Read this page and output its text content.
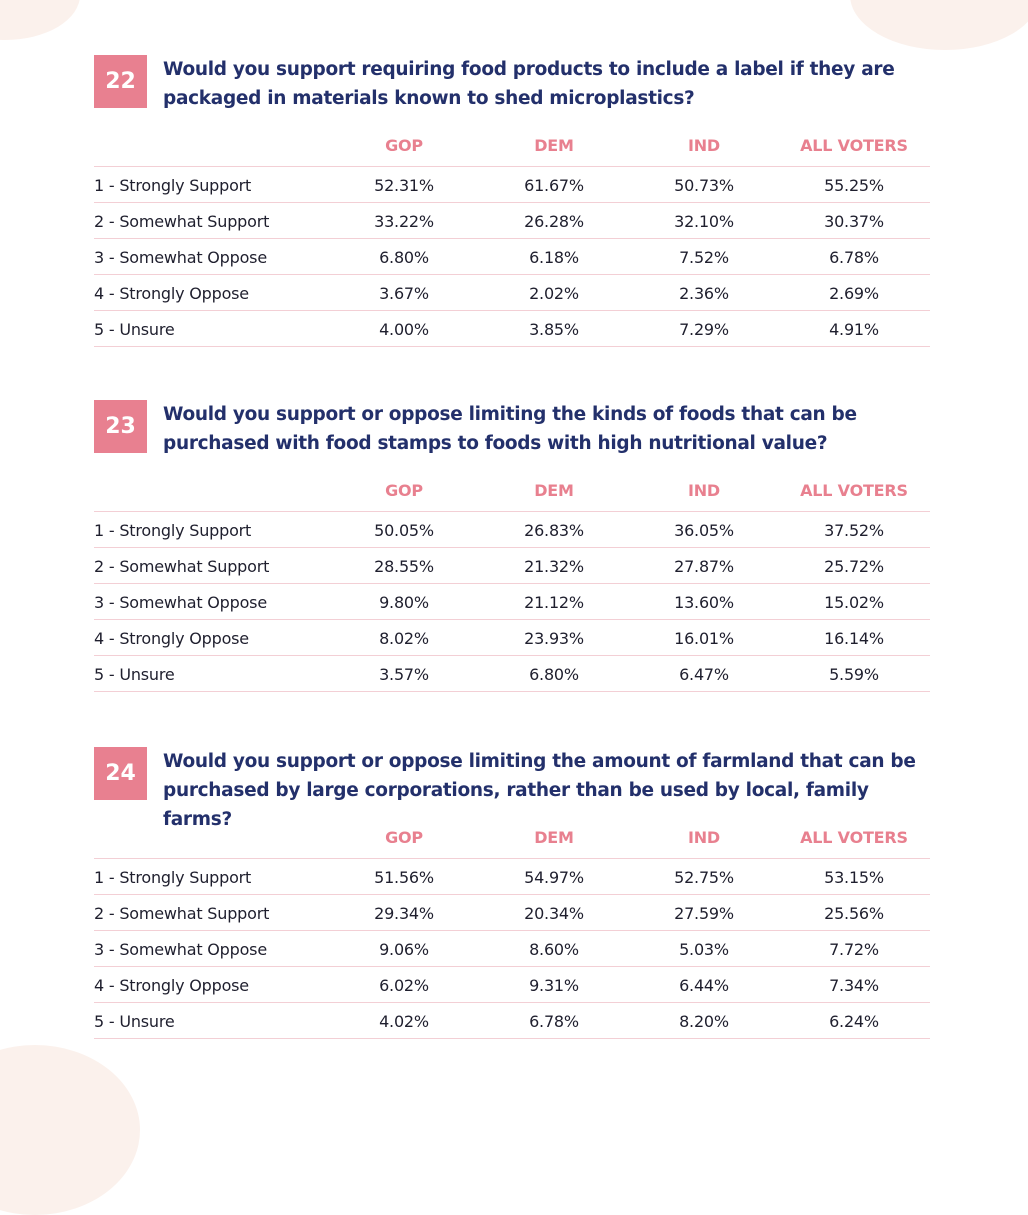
22	Would you support requiring food products to include a label if they are packaged in materials known to shed microplastics?
GOP	DEM	IND	ALL VOTERS
1 - Strongly Support	52.31%	61.67%	50.73%	55.25%
2 - Somewhat Support	33.22%	26.28%	32.10%	30.37%
3 - Somewhat Oppose	6.80%	6.18%	7.52%	6.78%
4 - Strongly Oppose	3.67%	2.02%	2.36%	2.69%
5 - Unsure	4.00%	3.85%	7.29%	4.91%
23	Would you support or oppose limiting the kinds of foods that can be purchased with food stamps to foods with high nutritional value?
GOP	DEM	IND	ALL VOTERS
1 - Strongly Support	50.05%	26.83%	36.05%	37.52%
2 - Somewhat Support	28.55%	21.32%	27.87%	25.72%
3 - Somewhat Oppose	9.80%	21.12%	13.60%	15.02%
4 - Strongly Oppose	8.02%	23.93%	16.01%	16.14%
5 - Unsure	3.57%	6.80%	6.47%	5.59%
24	Would you support or oppose limiting the amount of farmland that can be purchased by large corporations, rather than be used by local, family farms?
GOP	DEM	IND	ALL VOTERS
1 - Strongly Support	51.56%	54.97%	52.75%	53.15%
2 - Somewhat Support	29.34%	20.34%	27.59%	25.56%
3 - Somewhat Oppose	9.06%	8.60%	5.03%	7.72%
4 - Strongly Oppose	6.02%	9.31%	6.44%	7.34%
5 - Unsure	4.02%	6.78%	8.20%	6.24%
